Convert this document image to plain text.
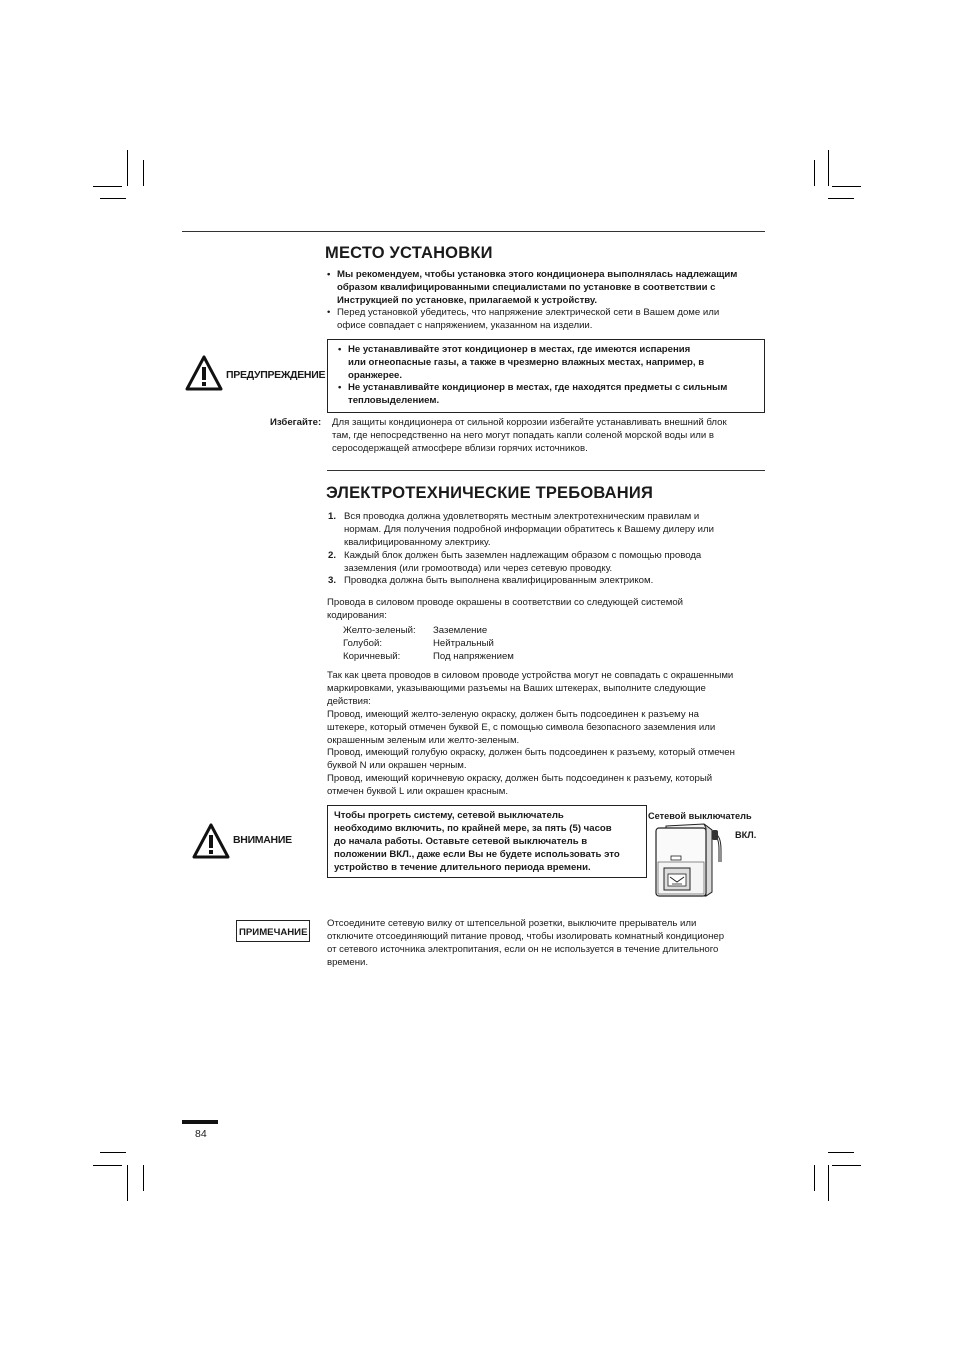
МЕСТО УСТАНОВКИ
• Мы рекомендуем, чтобы установка этого кондиционера выполнялась надлежащим
образом квалифицированными специалистами по установке в соответствии с
Инструкцией по установке, прилагаемой к устройству.
• Перед установкой убедитесь, что напряжение электрической сети в Вашем доме или
офисе совпадает с напряжением, указанном на изделии.
ПРЕДУПРЕЖДЕНИЕ
• Не устанавливайте этот кондиционер в местах, где имеются испарения
или огнеопасные газы, а также в чрезмерно влажных местах, например, в
оранжерее.
• Не устанавливайте кондиционер в местах, где находятся предметы с сильным
тепловыделением.
Избегайте: Для защиты кондиционера от сильной коррозии избегайте устанавливать внешний блок
там, где непосредственно на него могут попадать капли соленой морской воды или в
серосодержащей атмосфере вблизи горячих источников.
ЭЛЕКТРОТЕХНИЧЕСКИЕ ТРЕБОВАНИЯ
1. Вся проводка должна удовлетворять местным электротехническим правилам и
нормам. Для получения подробной информации обратитесь к Вашему дилеру или
квалифицированному электрику.
2. Каждый блок должен быть заземлен надлежащим образом с помощью провода
заземления (или громоотвода) или через сетевую проводку.
3. Проводка должна быть выполнена квалифицированным электриком.
Провода в силовом проводе окрашены в соответствии со следующей системой
кодирования:
Желто-зеленый:	Заземление
Голубой:	Нейтральный
Коричневый:	Под напряжением
Так как цвета проводов в силовом проводе устройства могут не совпадать с окрашенными
маркировками, указывающими разъемы на Ваших штекерах, выполните следующие
действия:
Провод, имеющий желто-зеленую окраску, должен быть подсоединен к разъему на
штекере, который отмечен буквой E, с помощью символа безопасного заземления или
окрашенным зеленым или желто-зеленым.
Провод, имеющий голубую окраску, должен быть подсоединен к разъему, который отмечен
буквой N или окрашен черным.
Провод, имеющий коричневую окраску, должен быть подсоединен к разъему, который
отмечен буквой L или окрашен красным.
ВНИМАНИЕ
Чтобы прогреть систему, сетевой выключатель
необходимо включить, по крайней мере, за пять (5) часов
до начала работы. Оставьте сетевой выключатель в
положении ВКЛ., даже если Вы не будете использовать это
устройство в течение длительного периода времени.
Сетевой выключатель
ВКЛ.
ПРИМЕЧАНИЕ
Отсоедините сетевую вилку от штепсельной розетки, выключите прерыватель или
отключите отсоединяющий питание провод, чтобы изолировать комнатный кондиционер
от сетевого источника электропитания, если он не используется в течение длительного
времени.
84
